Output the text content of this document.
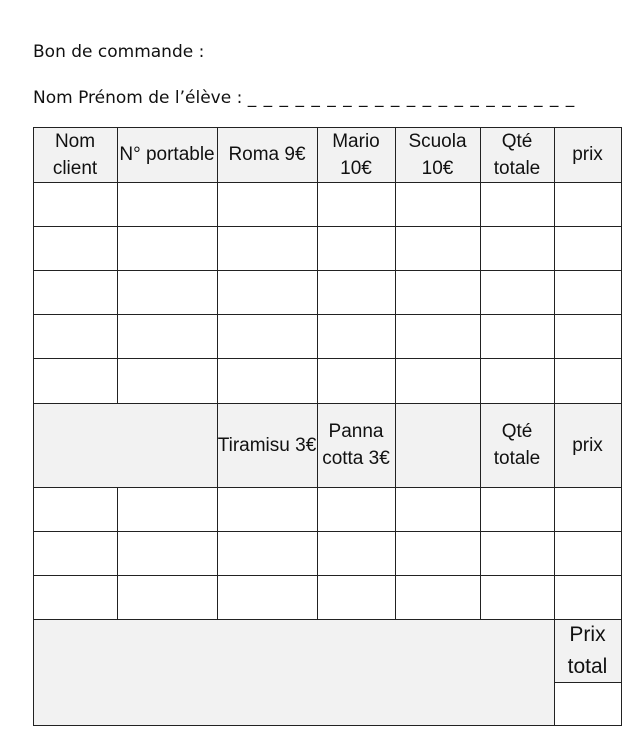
Bon de commande :
Nom Prénom de l’élève : _ _ _ _ _ _ _ _ _ _ _ _ _ _ _ _ _ _ _ _ _
Nom client
N° portable Roma 9€
Mario 10€
Scuola 10€
Qté totale
prix
Tiramisu 3€
Panna cotta 3€
Qté totale
prix
Prix total
